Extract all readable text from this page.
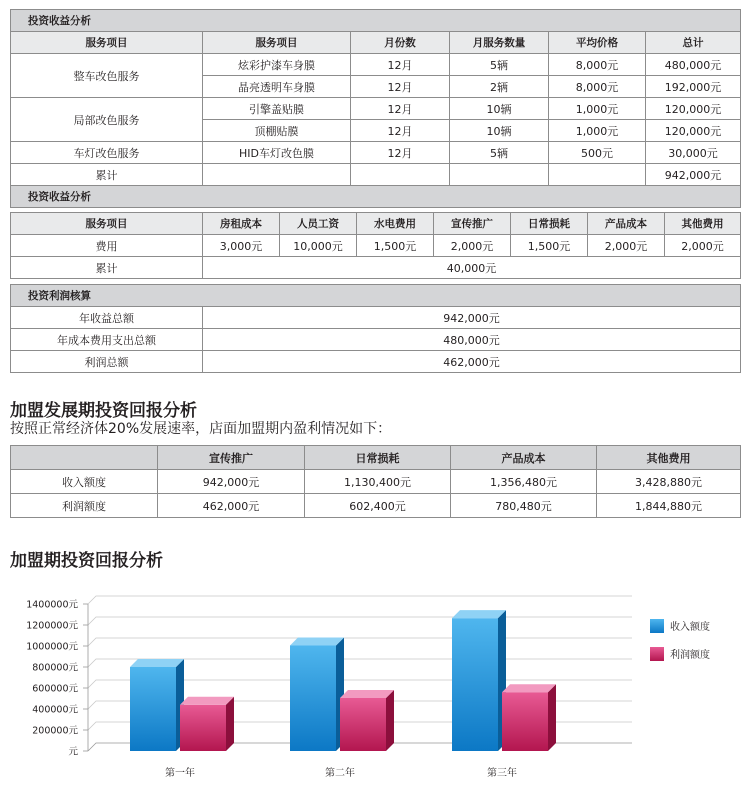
投资收益分析					
服务项目	服务项目	月份数	月服务数量	平均价格	总计
整车改色服务	炫彩护漆车身膜	12月	5辆	8,000元	480,000元
	晶亮透明车身膜	12月	2辆	8,000元	192,000元
局部改色服务	引擎盖贴膜	12月	10辆	1,000元	120,000元
	顶棚贴膜	12月	10辆	1,000元	120,000元
车灯改色服务	HID车灯改色膜	12月	5辆	500元	30,000元
累计					942,000元
投资收益分析					
服务项目	房租成本	人员工资	水电费用	宣传推广	日常损耗	产品成本	其他费用
费用	3,000元	10,000元	1,500元	2,000元	1,500元	2,000元	2,000元
累计	40,000元						
投资利润核算	
年收益总额	942,000元
年成本费用支出总额	480,000元
利润总额	462,000元
加盟发展期投资回报分析
按照正常经济体20%发展速率，店面加盟期内盈利情况如下：
	宣传推广	日常损耗	产品成本	其他费用
收入额度	942,000元	1,130,400元	1,356,480元	3,428,880元
利润额度	462,000元	602,400元	780,480元	1,844,880元
加盟期投资回报分析
元
200000元
400000元
600000元
800000元
1000000元
1200000元
1400000元
第一年	第二年	第三年
收入额度
利润额度
